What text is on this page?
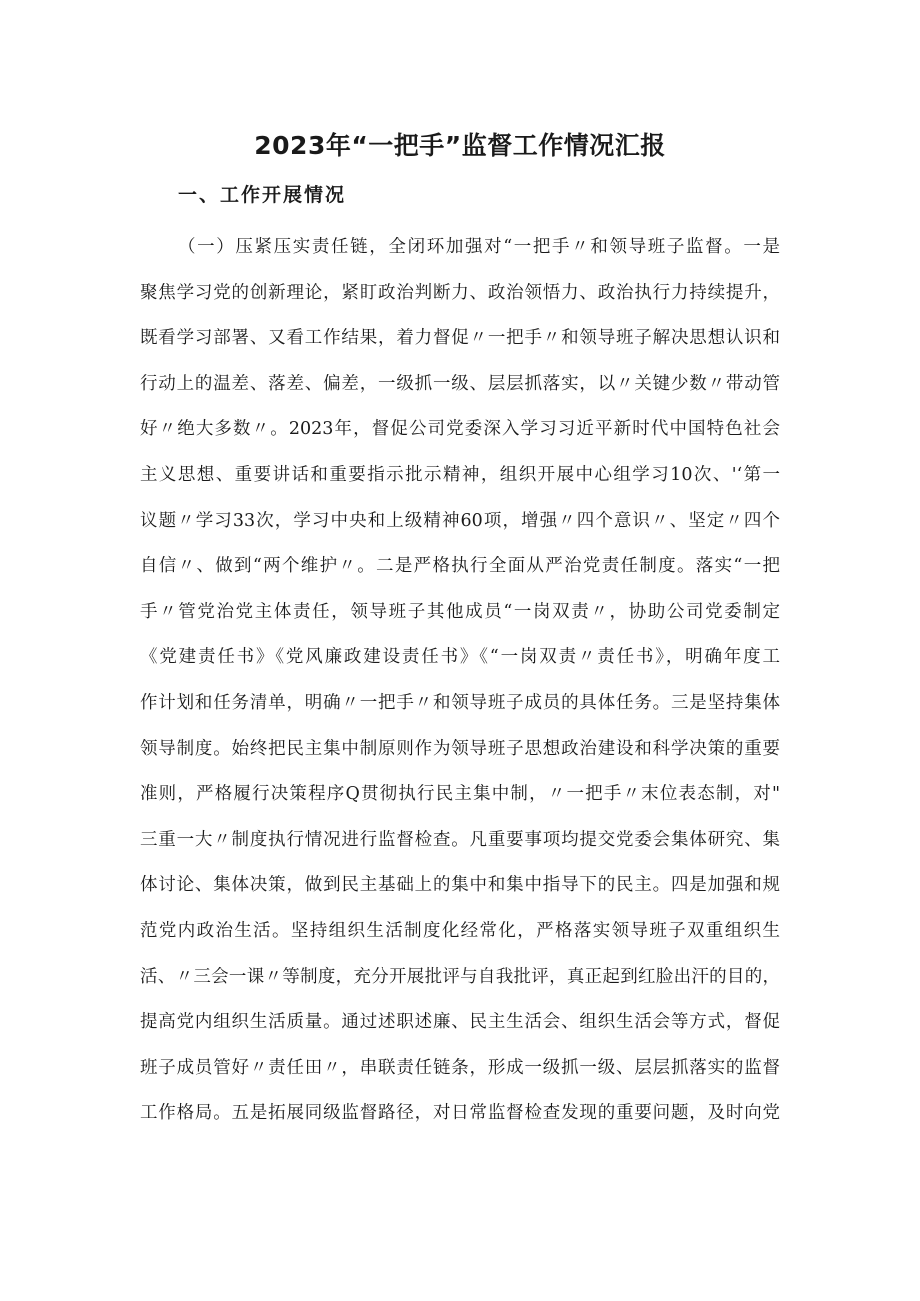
2023年“一把手”监督工作情况汇报
一、工作开展情况

（一）压紧压实责任链，全闭环加强对“一把手〃和领导班子监督。一是

聚焦学习党的创新理论，紧盯政治判断力、政治领悟力、政治执行力持续提升，

既看学习部署、又看工作结果，着力督促〃一把手〃和领导班子解决思想认识和

行动上的温差、落差、偏差，一级抓一级、层层抓落实，以〃关键少数〃带动管

好〃绝大多数〃。2023年，督促公司党委深入学习习近平新时代中国特色社会

主义思想、重要讲话和重要指示批示精神，组织开展中心组学习10次、'‘第一

议题〃学习33次，学习中央和上级精神60项，增强〃四个意识〃、坚定〃四个

自信〃、做到“两个维护〃。二是严格执行全面从严治党责任制度。落实“一把

手〃管党治党主体责任，领导班子其他成员“一岗双责〃，协助公司党委制定

《党建责任书》《党风廉政建设责任书》《“一岗双责〃责任书》，明确年度工

作计划和任务清单，明确〃一把手〃和领导班子成员的具体任务。三是坚持集体

领导制度。始终把民主集中制原则作为领导班子思想政治建设和科学决策的重要

准则，严格履行决策程序Q贯彻执行民主集中制，〃一把手〃末位表态制，对"

三重一大〃制度执行情况进行监督检查。凡重要事项均提交党委会集体研究、集

体讨论、集体决策，做到民主基础上的集中和集中指导下的民主。四是加强和规

范党内政治生活。坚持组织生活制度化经常化，严格落实领导班子双重组织生

活、〃三会一课〃等制度，充分开展批评与自我批评，真正起到红脸出汗的目的，

提高党内组织生活质量。通过述职述廉、民主生活会、组织生活会等方式，督促

班子成员管好〃责任田〃，串联责任链条，形成一级抓一级、层层抓落实的监督

工作格局。五是拓展同级监督路径，对日常监督检查发现的重要问题，及时向党
